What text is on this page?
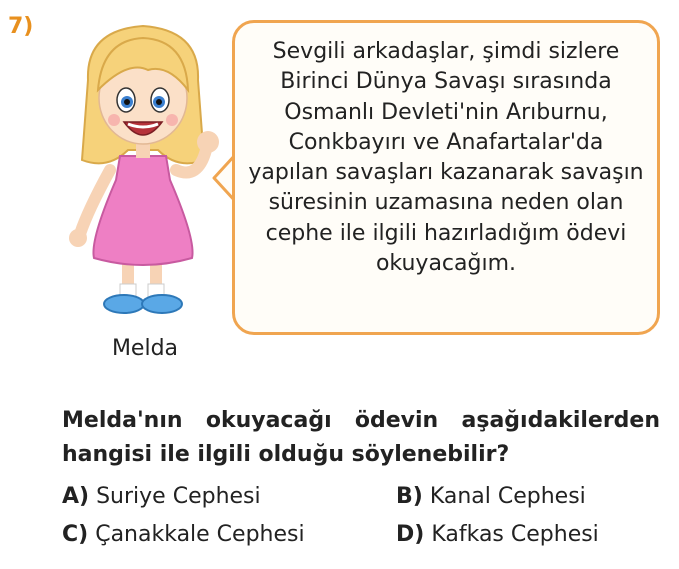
7)
Melda
Sevgili arkadaşlar, şimdi sizlere Birinci Dünya Savaşı sırasında Osmanlı Devleti'nin Arıburnu, Conkbayırı ve Anafartalar'da yapılan savaşları kazanarak savaşın süresinin uzamasına neden olan cephe ile ilgili hazırladığım ödevi okuyacağım.
Melda'nın okuyacağı ödevin aşağıdakilerden hangisi ile ilgili olduğu söylenebilir?
A) Suriye Cephesi	B) Kanal Cephesi
C) Çanakkale Cephesi	D) Kafkas Cephesi
